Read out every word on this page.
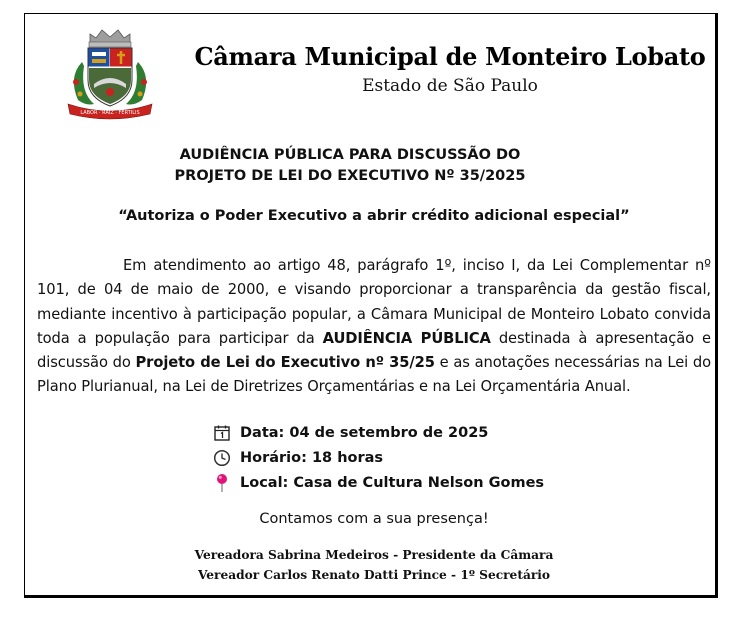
LABOR · RAIZ · FERTILIS
Câmara Municipal de Monteiro Lobato
Estado de São Paulo
AUDIÊNCIA PÚBLICA PARA DISCUSSÃO DO
PROJETO DE LEI DO EXECUTIVO Nº 35/2025
“Autoriza o Poder Executivo a abrir crédito adicional especial”
Em atendimento ao artigo 48, parágrafo 1º, inciso I, da Lei Complementar nº 101, de 04 de maio de 2000, e visando proporcionar a transparência da gestão fiscal, mediante incentivo à participação popular, a Câmara Municipal de Monteiro Lobato convida toda a população para participar da AUDIÊNCIA PÚBLICA destinada à apresentação e discussão do Projeto de Lei do Executivo nº 35/25 e as anotações necessárias na Lei do Plano Plurianual, na Lei de Diretrizes Orçamentárias e na Lei Orçamentária Anual.
Data: 04 de setembro de 2025
Horário: 18 horas
Local: Casa de Cultura Nelson Gomes
Contamos com a sua presença!
Vereadora Sabrina Medeiros - Presidente da Câmara
Vereador Carlos Renato Datti Prince - 1º Secretário
